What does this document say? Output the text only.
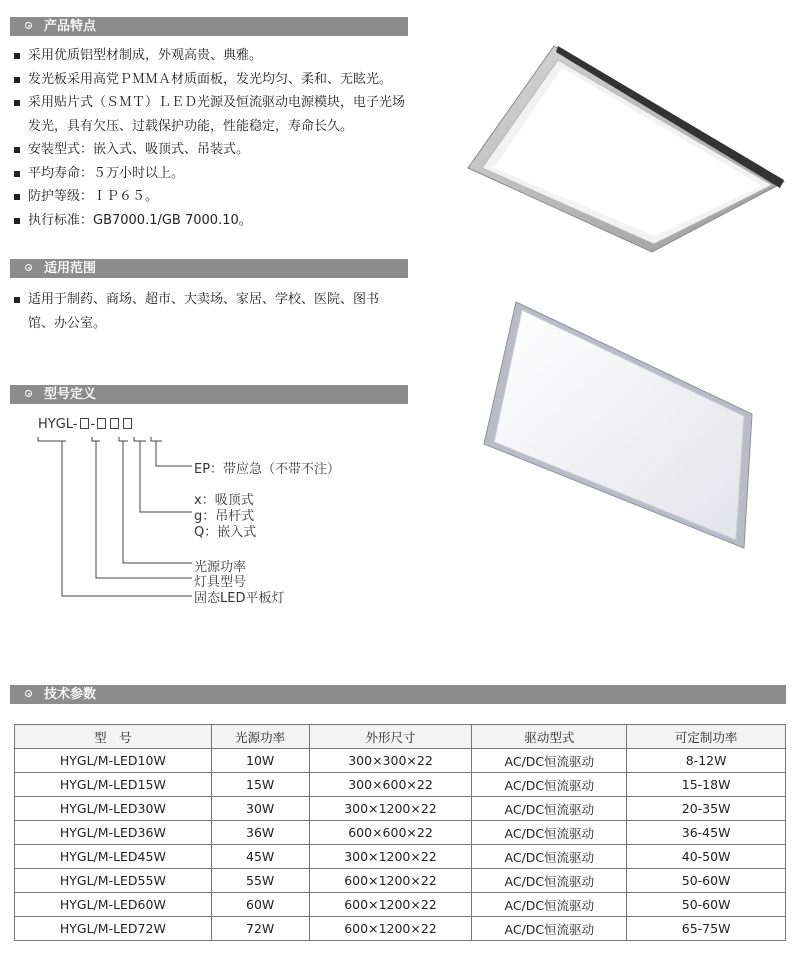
产品特点
采用优质铝型材制成，外观高贵、典雅。
发光板采用高党ＰＭＭＡ材质面板，发光均匀、柔和、无眩光。
采用贴片式（ＳＭＴ）ＬＥＤ光源及恒流驱动电源模块，电子光场
发光，具有欠压、过载保护功能，性能稳定，寿命长久。
安装型式：嵌入式、吸顶式、吊装式。
平均寿命：５万小时以上。
防护等级：ＩＰ６５。
执行标准：GB7000.1/GB 7000.10。
适用范围
适用于制药、商场、超市、大卖场、家居、学校、医院、图书
馆、办公室。
型号定义
HYGL- -
EP：带应急（不带不注）
x：吸顶式
g：吊杆式
Q：嵌入式
光源功率
灯具型号
固态LED平板灯
技术参数
型　号	光源功率	外形尺寸	驱动型式	可定制功率
HYGL/M-LED10W	10W	300×300×22	AC/DC恒流驱动	8-12W
HYGL/M-LED15W	15W	300×600×22	AC/DC恒流驱动	15-18W
HYGL/M-LED30W	30W	300×1200×22	AC/DC恒流驱动	20-35W
HYGL/M-LED36W	36W	600×600×22	AC/DC恒流驱动	36-45W
HYGL/M-LED45W	45W	300×1200×22	AC/DC恒流驱动	40-50W
HYGL/M-LED55W	55W	600×1200×22	AC/DC恒流驱动	50-60W
HYGL/M-LED60W	60W	600×1200×22	AC/DC恒流驱动	50-60W
HYGL/M-LED72W	72W	600×1200×22	AC/DC恒流驱动	65-75W
